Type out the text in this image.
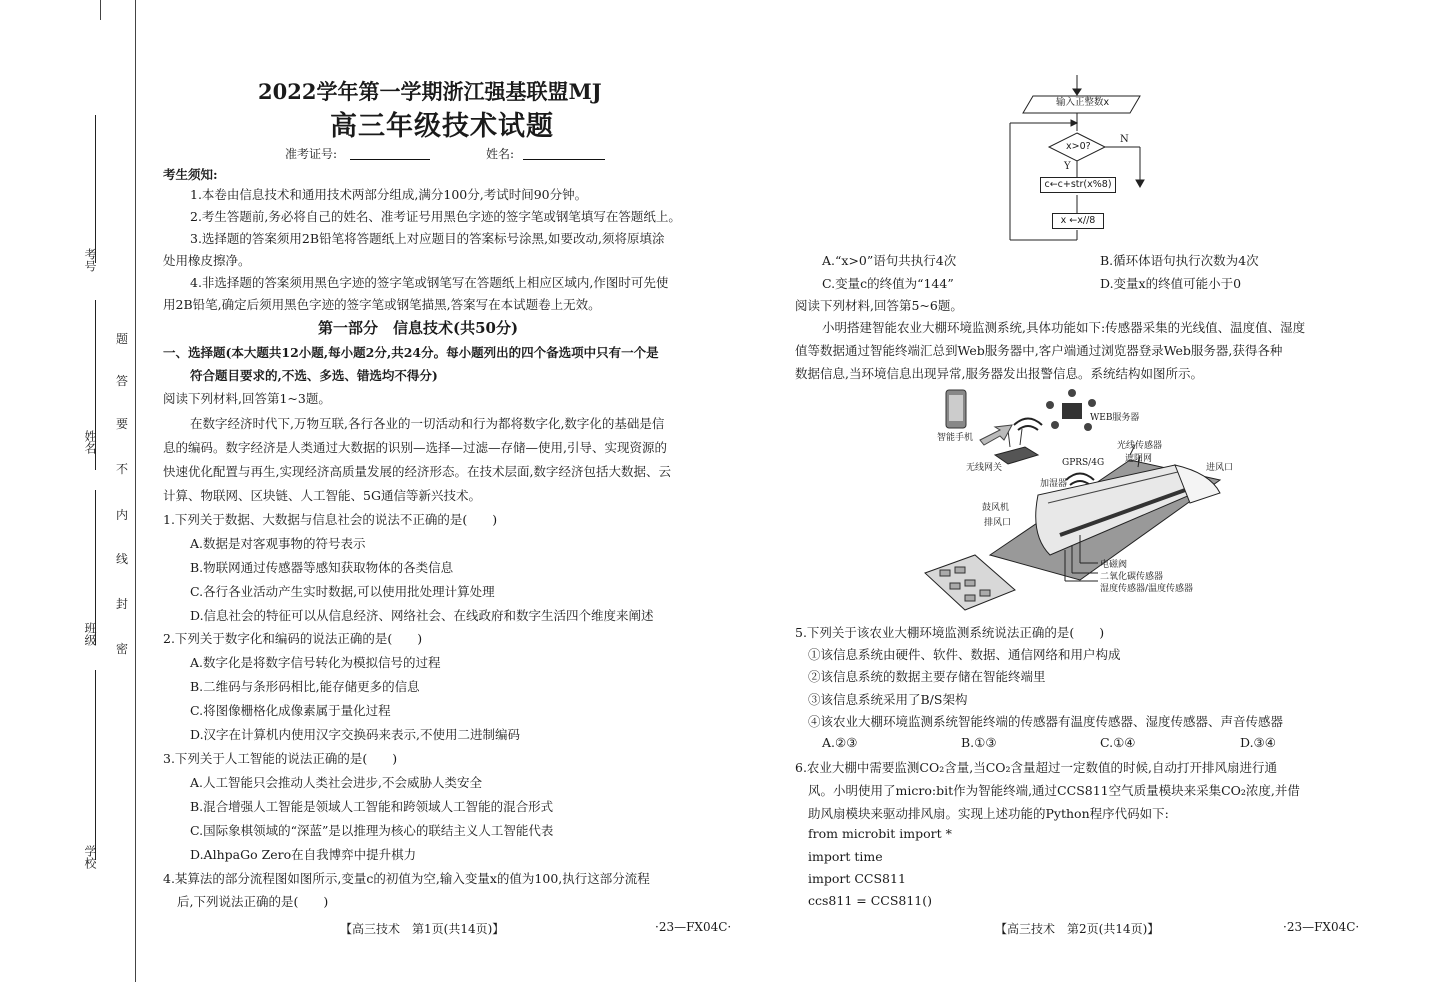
考号
姓名
班级
学校
题
答
要
不
内
线
封
密
2022学年第一学期浙江强基联盟MJ
高三年级技术试题
准考证号:	姓名:
考生须知:
1.本卷由信息技术和通用技术两部分组成,满分100分,考试时间90分钟。
2.考生答题前,务必将自己的姓名、准考证号用黑色字迹的签字笔或钢笔填写在答题纸上。
3.选择题的答案须用2B铅笔将答题纸上对应题目的答案标号涂黑,如要改动,须将原填涂
处用橡皮擦净。
4.非选择题的答案须用黑色字迹的签字笔或钢笔写在答题纸上相应区域内,作图时可先使
用2B铅笔,确定后须用黑色字迹的签字笔或钢笔描黑,答案写在本试题卷上无效。
第一部分　信息技术(共50分)
一、选择题(本大题共12小题,每小题2分,共24分。每小题列出的四个备选项中只有一个是
符合题目要求的,不选、多选、错选均不得分)
阅读下列材料,回答第1~3题。
在数字经济时代下,万物互联,各行各业的一切活动和行为都将数字化,数字化的基础是信
息的编码。数字经济是人类通过大数据的识别—选择—过滤—存储—使用,引导、实现资源的
快速优化配置与再生,实现经济高质量发展的经济形态。在技术层面,数字经济包括大数据、云
计算、物联网、区块链、人工智能、5G通信等新兴技术。
1.下列关于数据、大数据与信息社会的说法不正确的是(　　)
A.数据是对客观事物的符号表示
B.物联网通过传感器等感知获取物体的各类信息
C.各行各业活动产生实时数据,可以使用批处理计算处理
D.信息社会的特征可以从信息经济、网络社会、在线政府和数字生活四个维度来阐述
2.下列关于数字化和编码的说法正确的是(　　)
A.数字化是将数字信号转化为模拟信号的过程
B.二维码与条形码相比,能存储更多的信息
C.将图像栅格化成像素属于量化过程
D.汉字在计算机内使用汉字交换码来表示,不使用二进制编码
3.下列关于人工智能的说法正确的是(　　)
A.人工智能只会推动人类社会进步,不会威胁人类安全
B.混合增强人工智能是领域人工智能和跨领域人工智能的混合形式
C.国际象棋领域的“深蓝”是以推理为核心的联结主义人工智能代表
D.AlhpaGo Zero在自我博弈中提升棋力
4.某算法的部分流程图如图所示,变量c的初值为空,输入变量x的值为100,执行这部分流程
后,下列说法正确的是(　　)
【高三技术　第1页(共14页)】	·23—FX04C·
输入正整数x
x>0?
Y
N
c←c+str(x%8)
x ←x//8
A.“x>0”语句共执行4次	B.循环体语句执行次数为4次
C.变量c的终值为“144”	D.变量x的终值可能小于0
阅读下列材料,回答第5~6题。
小明搭建智能农业大棚环境监测系统,具体功能如下:传感器采集的光线值、温度值、湿度
值等数据通过智能终端汇总到Web服务器中,客户端通过浏览器登录Web服务器,获得各种
数据信息,当环境信息出现异常,服务器发出报警信息。系统结构如图所示。
智能手机
WEB服务器
无线网关	GPRS/4G
光线传感器
遮阳网
进风口
加湿器
鼓风机
排风口
电磁阀
二氧化碳传感器
湿度传感器/温度传感器
5.下列关于该农业大棚环境监测系统说法正确的是(　　)
①该信息系统由硬件、软件、数据、通信网络和用户构成
②该信息系统的数据主要存储在智能终端里
③该信息系统采用了B/S架构
④该农业大棚环境监测系统智能终端的传感器有温度传感器、湿度传感器、声音传感器
A.②③	B.①③	C.①④	D.③④
6.农业大棚中需要监测CO₂含量,当CO₂含量超过一定数值的时候,自动打开排风扇进行通
风。小明使用了micro:bit作为智能终端,通过CCS811空气质量模块来采集CO₂浓度,并借
助风扇模块来驱动排风扇。实现上述功能的Python程序代码如下:
from microbit import *
import time
import CCS811
ccs811 = CCS811()
【高三技术　第2页(共14页)】	·23—FX04C·
